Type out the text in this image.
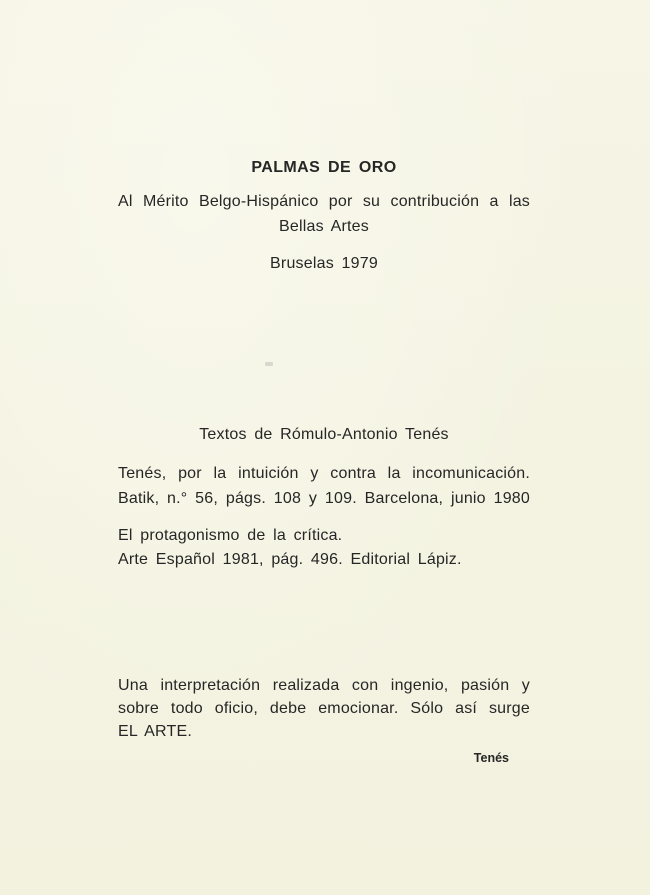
PALMAS DE ORO
Al Mérito Belgo-Hispánico por su contribución a las
Bellas Artes
Bruselas 1979
Textos de Rómulo-Antonio Tenés
Tenés, por la intuición y contra la incomunicación.
Batik, n.° 56, págs. 108 y 109. Barcelona, junio 1980
El protagonismo de la crítica.
Arte Español 1981, pág. 496. Editorial Lápiz.
Una interpretación realizada con ingenio, pasión y
sobre todo oficio, debe emocionar. Sólo así surge
EL ARTE.
Tenés
